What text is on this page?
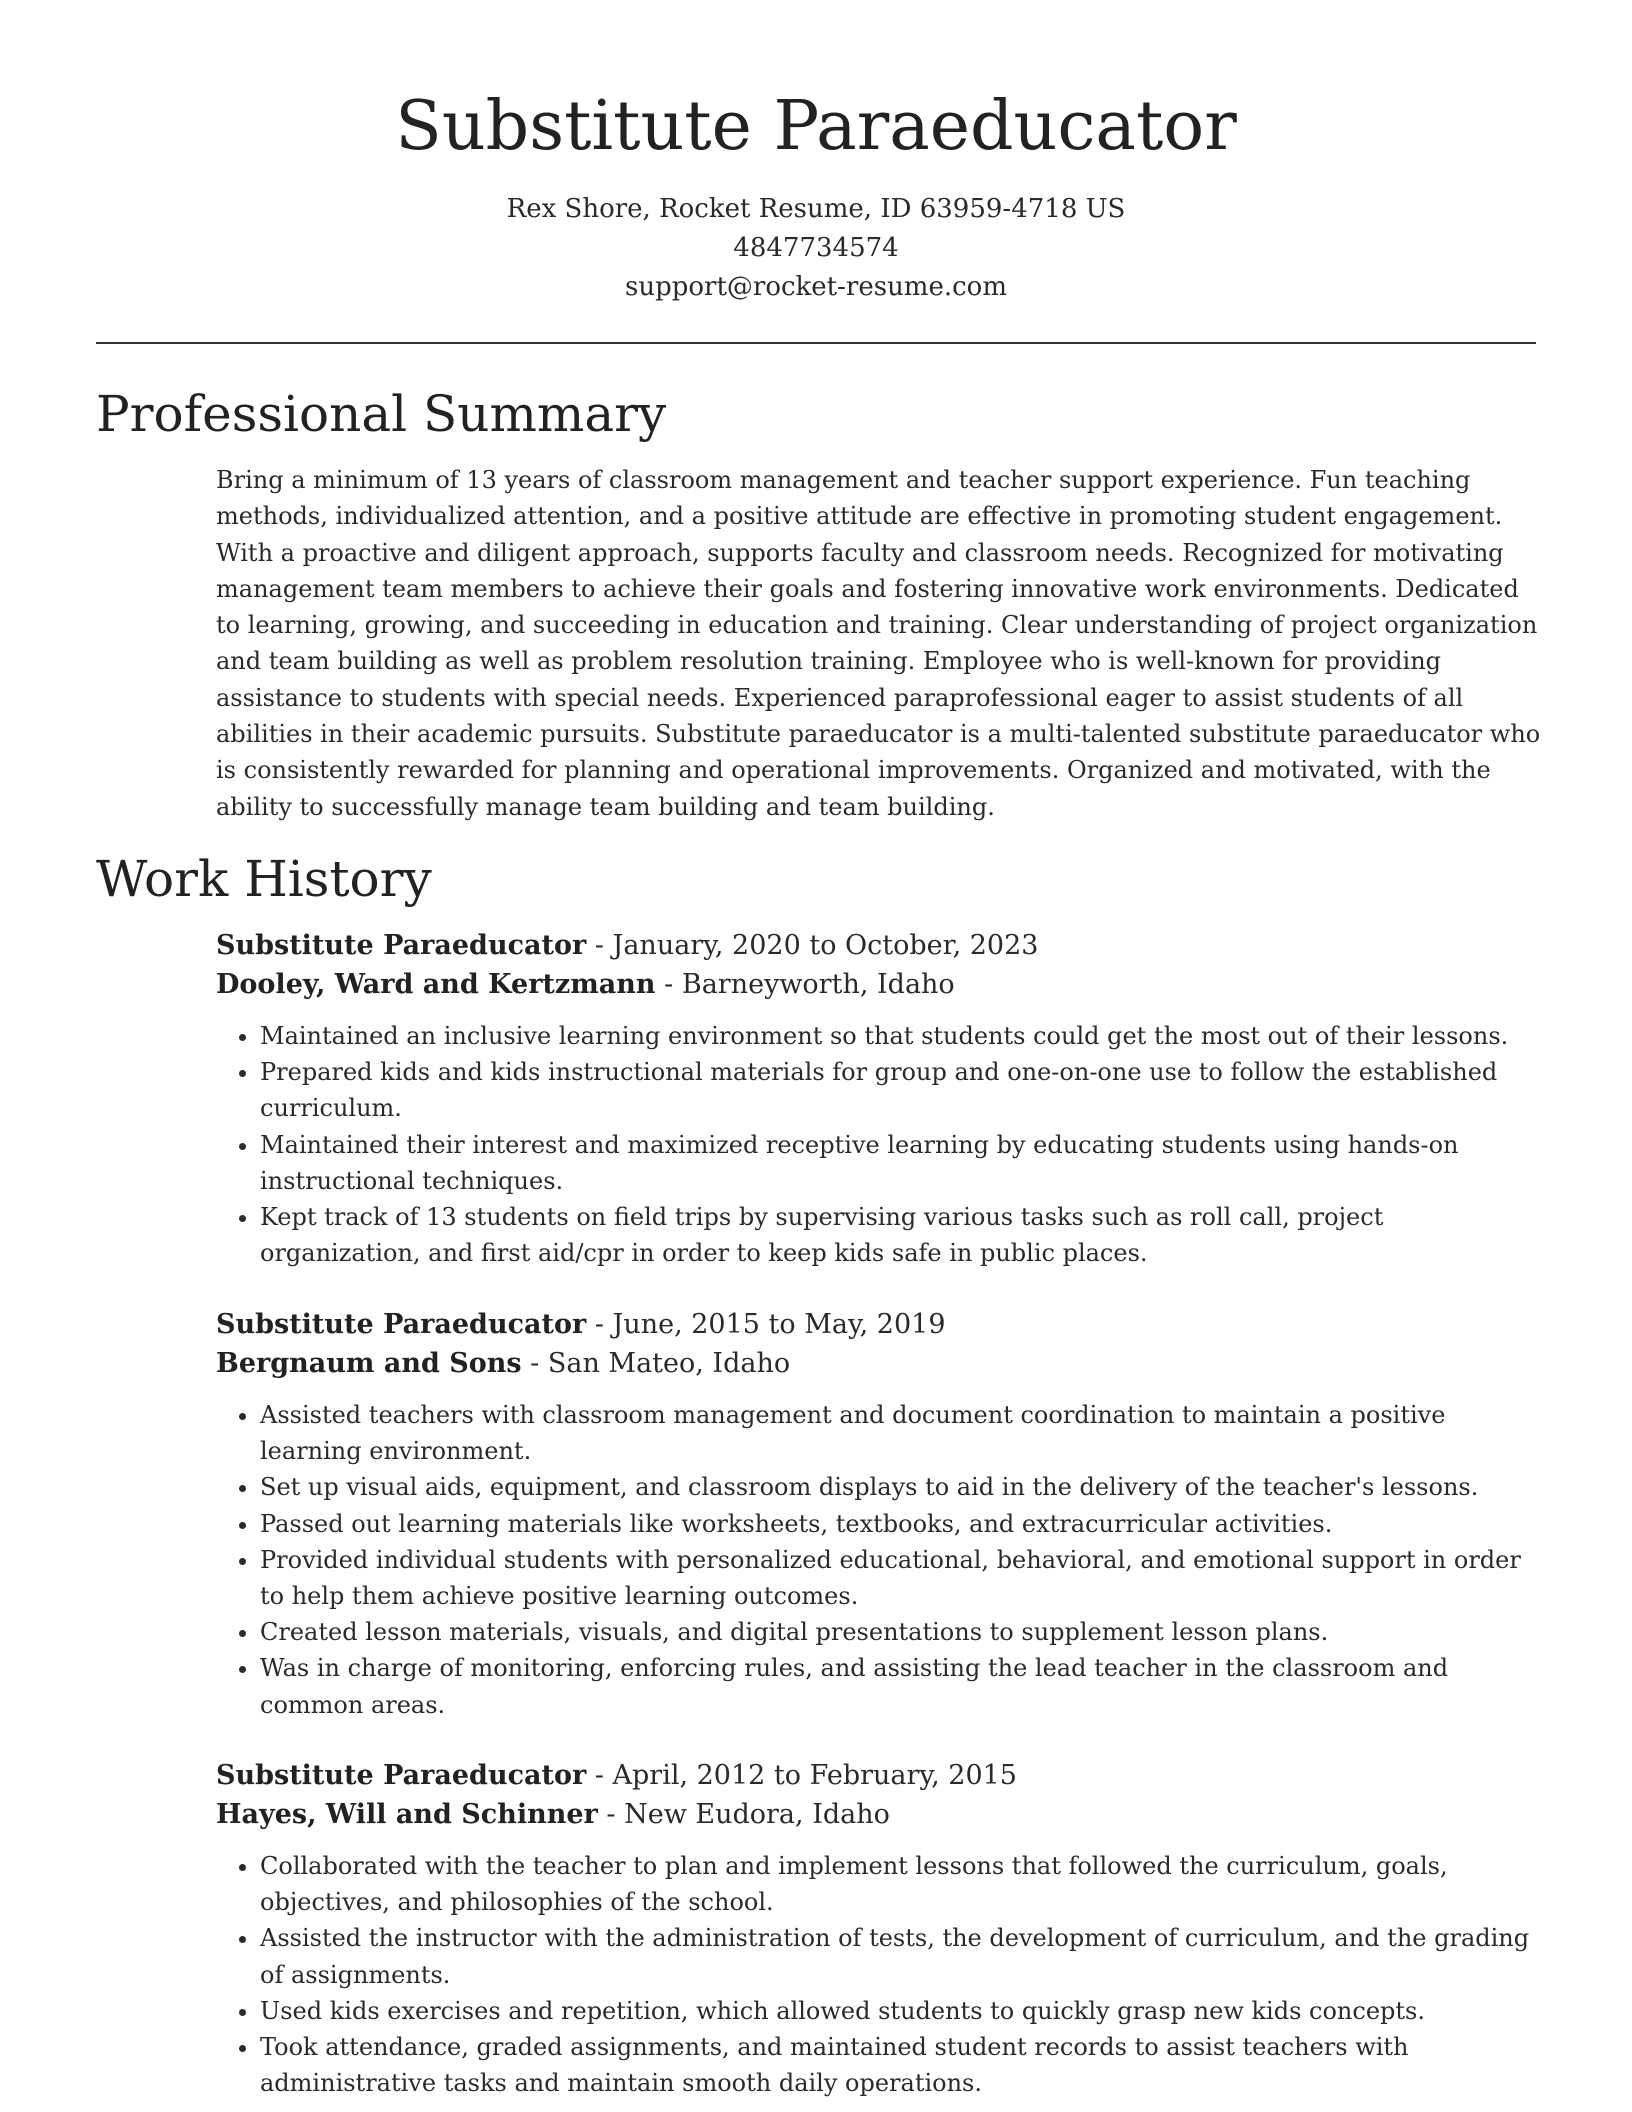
Substitute Paraeducator
Rex Shore, Rocket Resume, ID 63959-4718 US
4847734574
support@rocket-resume.com
Professional Summary

Bring a minimum of 13 years of classroom management and teacher support experience. Fun teaching methods, individualized attention, and a positive attitude are effective in promoting student engagement. With a proactive and diligent approach, supports faculty and classroom needs. Recognized for motivating management team members to achieve their goals and fostering innovative work environments. Dedicated to learning, growing, and succeeding in education and training. Clear understanding of project organization and team building as well as problem resolution training. Employee who is well-known for providing assistance to students with special needs. Experienced paraprofessional eager to assist students of all abilities in their academic pursuits. Substitute paraeducator is a multi-talented substitute paraeducator who is consistently rewarded for planning and operational improvements. Organized and motivated, with the ability to successfully manage team building and team building.

Work History
Substitute Paraeducator - January, 2020 to October, 2023
Dooley, Ward and Kertzmann - Barneyworth, Idaho
• Maintained an inclusive learning environment so that students could get the most out of their lessons.
• Prepared kids and kids instructional materials for group and one-on-one use to follow the established curriculum.
• Maintained their interest and maximized receptive learning by educating students using hands-on instructional techniques.
• Kept track of 13 students on field trips by supervising various tasks such as roll call, project organization, and first aid/cpr in order to keep kids safe in public places.
Substitute Paraeducator - June, 2015 to May, 2019
Bergnaum and Sons - San Mateo, Idaho
• Assisted teachers with classroom management and document coordination to maintain a positive learning environment.
• Set up visual aids, equipment, and classroom displays to aid in the delivery of the teacher's lessons.
• Passed out learning materials like worksheets, textbooks, and extracurricular activities.
• Provided individual students with personalized educational, behavioral, and emotional support in order to help them achieve positive learning outcomes.
• Created lesson materials, visuals, and digital presentations to supplement lesson plans.
• Was in charge of monitoring, enforcing rules, and assisting the lead teacher in the classroom and common areas.
Substitute Paraeducator - April, 2012 to February, 2015
Hayes, Will and Schinner - New Eudora, Idaho
• Collaborated with the teacher to plan and implement lessons that followed the curriculum, goals, objectives, and philosophies of the school.
• Assisted the instructor with the administration of tests, the development of curriculum, and the grading of assignments.
• Used kids exercises and repetition, which allowed students to quickly grasp new kids concepts.
• Took attendance, graded assignments, and maintained student records to assist teachers with administrative tasks and maintain smooth daily operations.
